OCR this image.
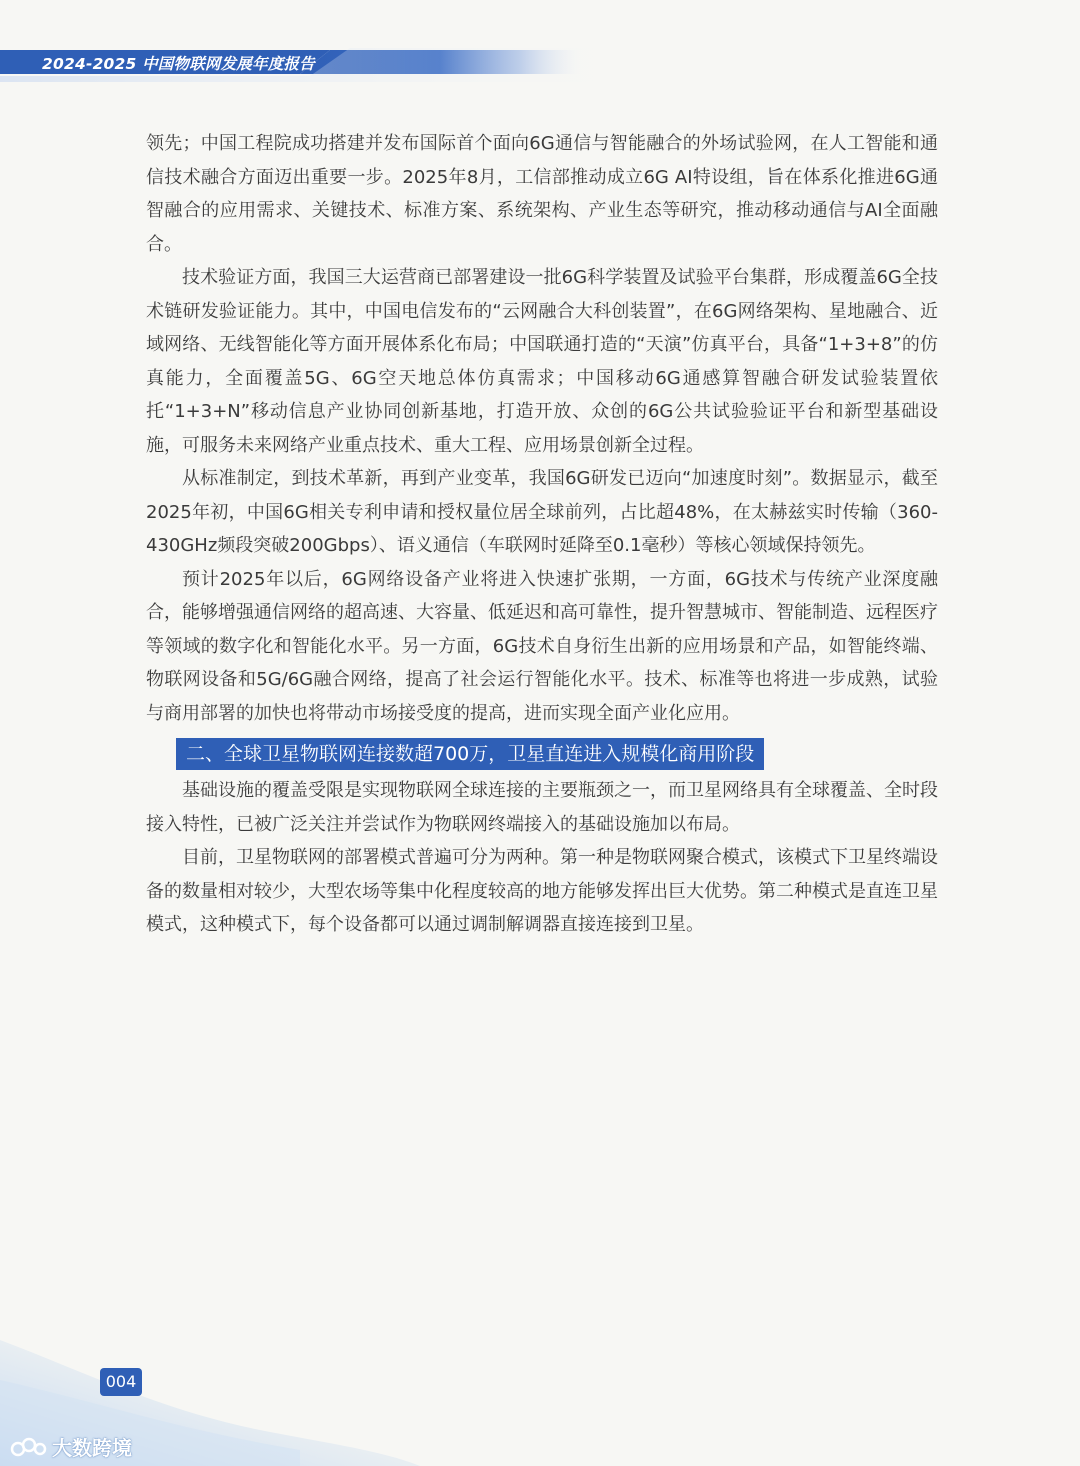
2024-2025 中国物联网发展年度报告

领先；中国工程院成功搭建并发布国际首个面向6G通信与智能融合的外场试验网，在人工智能和通信技术融合方面迈出重要一步。2025年8月，工信部推动成立6G AI特设组，旨在体系化推进6G通智融合的应用需求、关键技术、标准方案、系统架构、产业生态等研究，推动移动通信与AI全面融合。

技术验证方面，我国三大运营商已部署建设一批6G科学装置及试验平台集群，形成覆盖6G全技术链研发验证能力。其中，中国电信发布的“云网融合大科创装置”，在6G网络架构、星地融合、近域网络、无线智能化等方面开展体系化布局；中国联通打造的“天演”仿真平台，具备“1+3+8”的仿真能力，全面覆盖5G、6G空天地总体仿真需求；中国移动6G通感算智融合研发试验装置依托“1+3+N”移动信息产业协同创新基地，打造开放、众创的6G公共试验验证平台和新型基础设施，可服务未来网络产业重点技术、重大工程、应用场景创新全过程。

从标准制定，到技术革新，再到产业变革，我国6G研发已迈向“加速度时刻”。数据显示，截至2025年初，中国6G相关专利申请和授权量位居全球前列，占比超48%，在太赫兹实时传输（360-430GHz频段突破200Gbps）、语义通信（车联网时延降至0.1毫秒）等核心领域保持领先。

预计2025年以后，6G网络设备产业将进入快速扩张期，一方面，6G技术与传统产业深度融合，能够增强通信网络的超高速、大容量、低延迟和高可靠性，提升智慧城市、智能制造、远程医疗等领域的数字化和智能化水平。另一方面，6G技术自身衍生出新的应用场景和产品，如智能终端、物联网设备和5G/6G融合网络，提高了社会运行智能化水平。技术、标准等也将进一步成熟，试验与商用部署的加快也将带动市场接受度的提高，进而实现全面产业化应用。

二、全球卫星物联网连接数超700万，卫星直连进入规模化商用阶段

基础设施的覆盖受限是实现物联网全球连接的主要瓶颈之一，而卫星网络具有全球覆盖、全时段接入特性，已被广泛关注并尝试作为物联网终端接入的基础设施加以布局。

目前，卫星物联网的部署模式普遍可分为两种。第一种是物联网聚合模式，该模式下卫星终端设备的数量相对较少，大型农场等集中化程度较高的地方能够发挥出巨大优势。第二种模式是直连卫星模式，这种模式下，每个设备都可以通过调制解调器直接连接到卫星。

004
大数跨境
